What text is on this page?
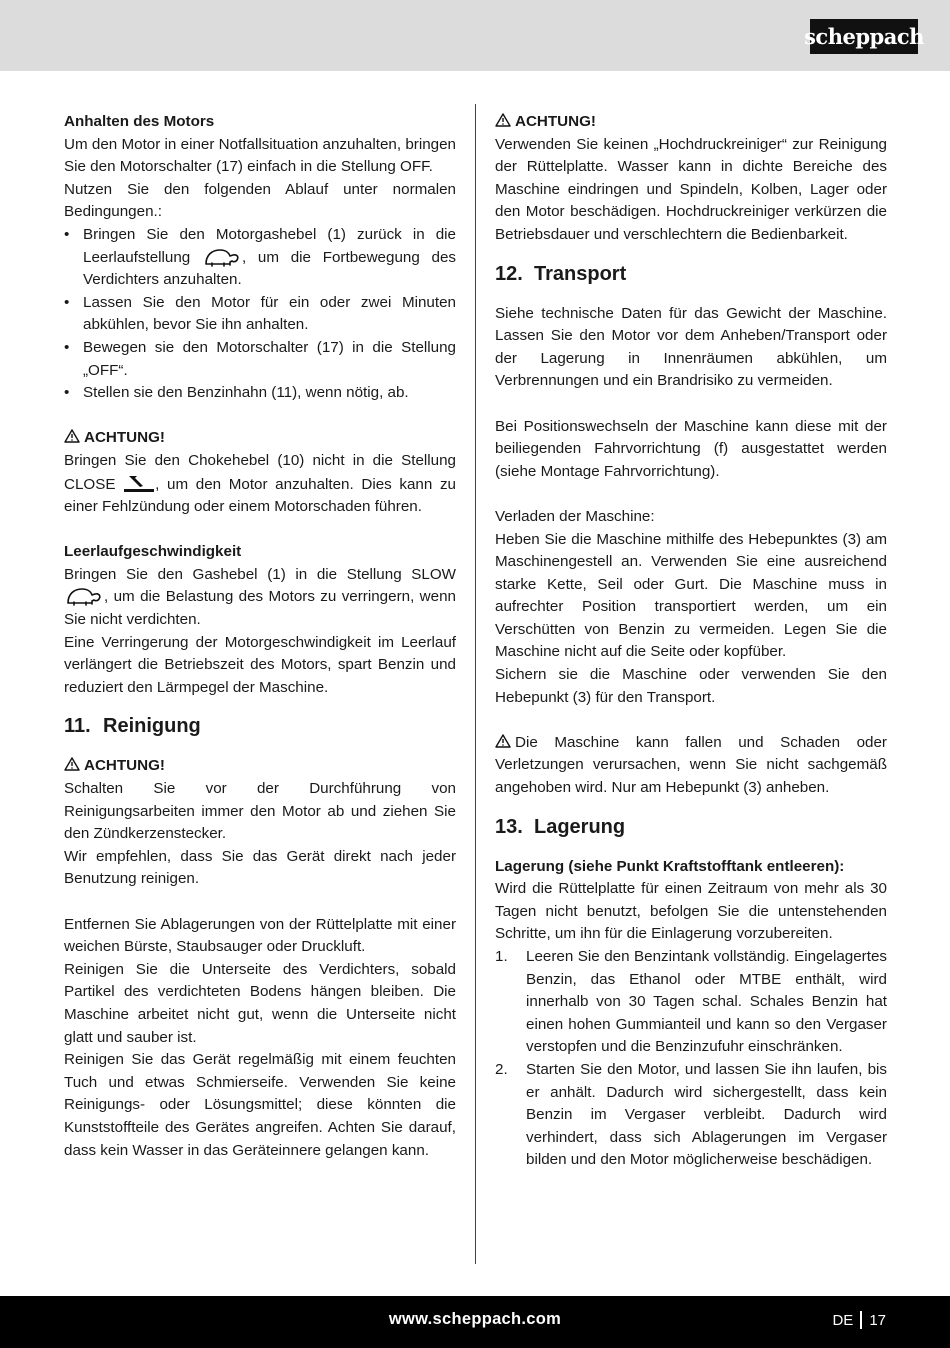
scheppach

Anhalten des Motors

Um den Motor in einer Notfallsituation anzuhalten, bringen Sie den Motorschalter (17) einfach in die Stellung OFF.

Nutzen Sie den folgenden Ablauf unter normalen Bedingungen.:

• Bringen Sie den Motorgashebel (1) zurück in die Leerlaufstellung	, um die Fortbewegung des Verdichters anzuhalten.
• Lassen Sie den Motor für ein oder zwei Minuten abkühlen, bevor Sie ihn anhalten.
• Bewegen sie den Motorschalter (17) in die Stellung „OFF“.
• Stellen sie den Benzinhahn (11), wenn nötig, ab.

ACHTUNG!

Bringen Sie den Chokehebel (10) nicht in die Stellung CLOSE , um den Motor anzuhalten. Dies kann zu einer Fehlzündung oder einem Motorschaden führen.

Leerlaufgeschwindigkeit

Bringen Sie den Gashebel (1) in die Stellung SLOW , um die Belastung des Motors zu verringern, wenn Sie nicht verdichten.

Eine Verringerung der Motorgeschwindigkeit im Leerlauf verlängert die Betriebszeit des Motors, spart Benzin und reduziert den Lärmpegel der Maschine.

11. Reinigung

ACHTUNG!

Schalten Sie vor der Durchführung von Reinigungsarbeiten immer den Motor ab und ziehen Sie den Zündkerzenstecker.

Wir empfehlen, dass Sie das Gerät direkt nach jeder Benutzung reinigen.

Entfernen Sie Ablagerungen von der Rüttelplatte mit einer weichen Bürste, Staubsauger oder Druckluft.

Reinigen Sie die Unterseite des Verdichters, sobald Partikel des verdichteten Bodens hängen bleiben. Die Maschine arbeitet nicht gut, wenn die Unterseite nicht glatt und sauber ist.

Reinigen Sie das Gerät regelmäßig mit einem feuchten Tuch und etwas Schmierseife. Verwenden Sie keine Reinigungs- oder Lösungsmittel; diese könnten die Kunststoffteile des Gerätes angreifen. Achten Sie darauf, dass kein Wasser in das Geräteinnere gelangen kann.

ACHTUNG!

Verwenden Sie keinen „Hochdruckreiniger“ zur Reinigung der Rüttelplatte. Wasser kann in dichte Bereiche des Maschine eindringen und Spindeln, Kolben, Lager oder den Motor beschädigen. Hochdruckreiniger verkürzen die Betriebsdauer und verschlechtern die Bedienbarkeit.

12. Transport

Siehe technische Daten für das Gewicht der Maschine. Lassen Sie den Motor vor dem Anheben/Transport oder der Lagerung in Innenräumen abkühlen, um Verbrennungen und ein Brandrisiko zu vermeiden.

Bei Positionswechseln der Maschine kann diese mit der beiliegenden Fahrvorrichtung (f) ausgestattet werden (siehe Montage Fahrvorrichtung).

Verladen der Maschine:

Heben Sie die Maschine mithilfe des Hebepunktes (3) am Maschinengestell an. Verwenden Sie eine ausreichend starke Kette, Seil oder Gurt. Die Maschine muss in aufrechter Position transportiert werden, um ein Verschütten von Benzin zu vermeiden. Legen Sie die Maschine nicht auf die Seite oder kopfüber.

Sichern sie die Maschine oder verwenden Sie den Hebepunkt (3) für den Transport.

Die Maschine kann fallen und Schaden oder Verletzungen verursachen, wenn Sie nicht sachgemäß angehoben wird. Nur am Hebepunkt (3) anheben.

13. Lagerung

Lagerung (siehe Punkt Kraftstofftank entleeren):

Wird die Rüttelplatte für einen Zeitraum von mehr als 30 Tagen nicht benutzt, befolgen Sie die untenstehenden Schritte, um ihn für die Einlagerung vorzubereiten.

1. Leeren Sie den Benzintank vollständig. Eingelagertes Benzin, das Ethanol oder MTBE enthält, wird innerhalb von 30 Tagen schal. Schales Benzin hat einen hohen Gummianteil und kann so den Vergaser verstopfen und die Benzinzufuhr einschränken.
2. Starten Sie den Motor, und lassen Sie ihn laufen, bis er anhält. Dadurch wird sichergestellt, dass kein Benzin im Vergaser verbleibt. Dadurch wird verhindert, dass sich Ablagerungen im Vergaser bilden und den Motor möglicherweise beschädigen.
www.scheppach.com	DE 17
